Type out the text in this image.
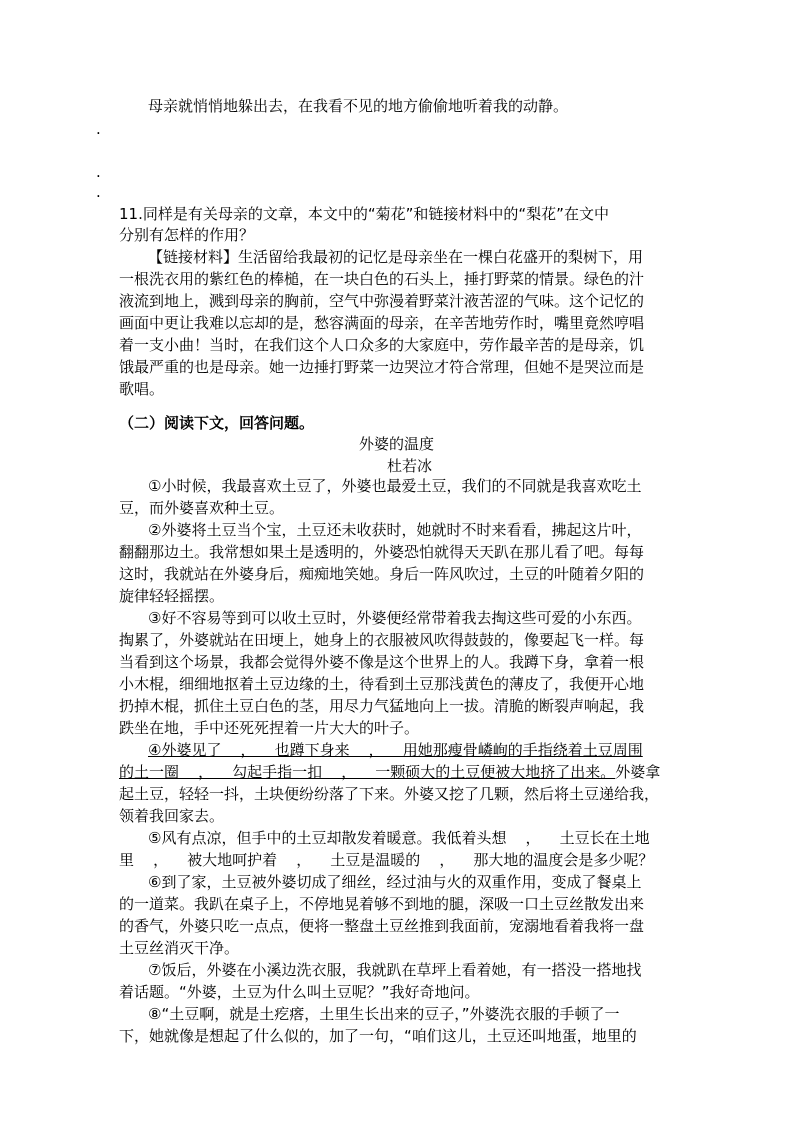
母亲就悄悄地躲出去，在我看不见的地方偷偷地听着我的动静。
.
.
.
11.同样是有关母亲的文章，本文中的“菊花”和链接材料中的“梨花”在文中
分别有怎样的作用？
【链接材料】生活留给我最初的记忆是母亲坐在一棵白花盛开的梨树下，用
一根洗衣用的紫红色的棒槌，在一块白色的石头上，捶打野菜的情景。绿色的汁
液流到地上，溅到母亲的胸前，空气中弥漫着野菜汁液苦涩的气味。这个记忆的
画面中更让我难以忘却的是，愁容满面的母亲，在辛苦地劳作时，嘴里竟然哼唱
着一支小曲！当时，在我们这个人口众多的大家庭中，劳作最辛苦的是母亲，饥
饿最严重的也是母亲。她一边捶打野菜一边哭泣才符合常理，但她不是哭泣而是
歌唱。
（二）阅读下文，回答问题。
外婆的温度
杜若冰
①小时候，我最喜欢土豆了，外婆也最爱土豆，我们的不同就是我喜欢吃土
豆，而外婆喜欢种土豆。
②外婆将土豆当个宝，土豆还未收获时，她就时不时来看看，拂起这片叶，
翻翻那边土。我常想如果土是透明的，外婆恐怕就得天天趴在那儿看了吧。每每
这时，我就站在外婆身后，痴痴地笑她。身后一阵风吹过，土豆的叶随着夕阳的
旋律轻轻摇摆。
③好不容易等到可以收土豆时，外婆便经常带着我去掏这些可爱的小东西。
掏累了，外婆就站在田埂上，她身上的衣服被风吹得鼓鼓的，像要起飞一样。每
当看到这个场景，我都会觉得外婆不像是这个世界上的人。我蹲下身，拿着一根
小木棍，细细地抠着土豆边缘的土，待看到土豆那浅黄色的薄皮了，我便开心地
扔掉木棍，抓住土豆白色的茎，用尽力气猛地向上一拔。清脆的断裂声响起，我
跌坐在地，手中还死死捏着一片大大的叶子。
④外婆见了    ，    也蹲下身来    ，    用她那瘦骨嶙峋的手指绕着土豆周围
的土一圈    ，    勾起手指一扣    ，    一颗硕大的土豆便被大地挤了出来。外婆拿
起土豆，轻轻一抖，土块便纷纷落了下来。外婆又挖了几颗，然后将土豆递给我，
领着我回家去。
⑤风有点凉，但手中的土豆却散发着暖意。我低着头想    ，    土豆长在土地
里    ，    被大地呵护着    ，    土豆是温暖的    ，    那大地的温度会是多少呢？
⑥到了家，土豆被外婆切成了细丝，经过油与火的双重作用，变成了餐桌上
的一道菜。我趴在桌子上，不停地晃着够不到地的腿，深吸一口土豆丝散发出来
的香气，外婆只吃一点点，便将一整盘土豆丝推到我面前，宠溺地看着我将一盘
土豆丝消灭干净。
⑦饭后，外婆在小溪边洗衣服，我就趴在草坪上看着她，有一搭没一搭地找
着话题。“外婆，土豆为什么叫土豆呢？”我好奇地问。
⑧“土豆啊，就是土疙瘩，土里生长出来的豆子，”外婆洗衣服的手顿了一
下，她就像是想起了什么似的，加了一句，“咱们这儿，土豆还叫地蛋，地里的
